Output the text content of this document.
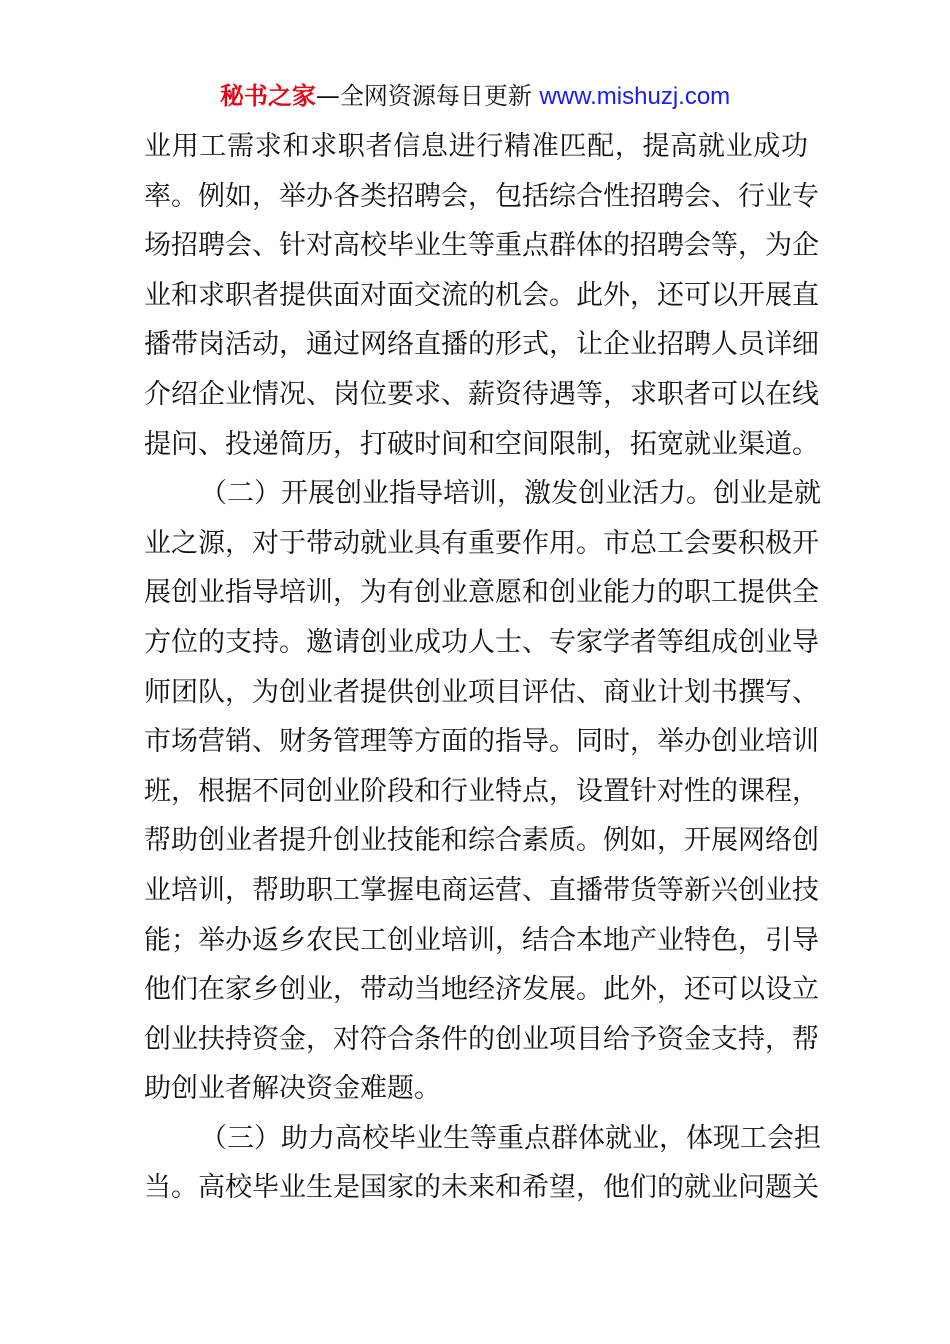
秘书之家—全网资源每日更新 www.mishuzj.com
业用工需求和求职者信息进行精准匹配，提高就业成功
率。例如，举办各类招聘会，包括综合性招聘会、行业专
场招聘会、针对高校毕业生等重点群体的招聘会等，为企
业和求职者提供面对面交流的机会。此外，还可以开展直
播带岗活动，通过网络直播的形式，让企业招聘人员详细
介绍企业情况、岗位要求、薪资待遇等，求职者可以在线
提问、投递简历，打破时间和空间限制，拓宽就业渠道。
（二）开展创业指导培训，激发创业活力。创业是就
业之源，对于带动就业具有重要作用。市总工会要积极开
展创业指导培训，为有创业意愿和创业能力的职工提供全
方位的支持。邀请创业成功人士、专家学者等组成创业导
师团队，为创业者提供创业项目评估、商业计划书撰写、
市场营销、财务管理等方面的指导。同时，举办创业培训
班，根据不同创业阶段和行业特点，设置针对性的课程，
帮助创业者提升创业技能和综合素质。例如，开展网络创
业培训，帮助职工掌握电商运营、直播带货等新兴创业技
能；举办返乡农民工创业培训，结合本地产业特色，引导
他们在家乡创业，带动当地经济发展。此外，还可以设立
创业扶持资金，对符合条件的创业项目给予资金支持，帮
助创业者解决资金难题。
（三）助力高校毕业生等重点群体就业，体现工会担
当。高校毕业生是国家的未来和希望，他们的就业问题关
